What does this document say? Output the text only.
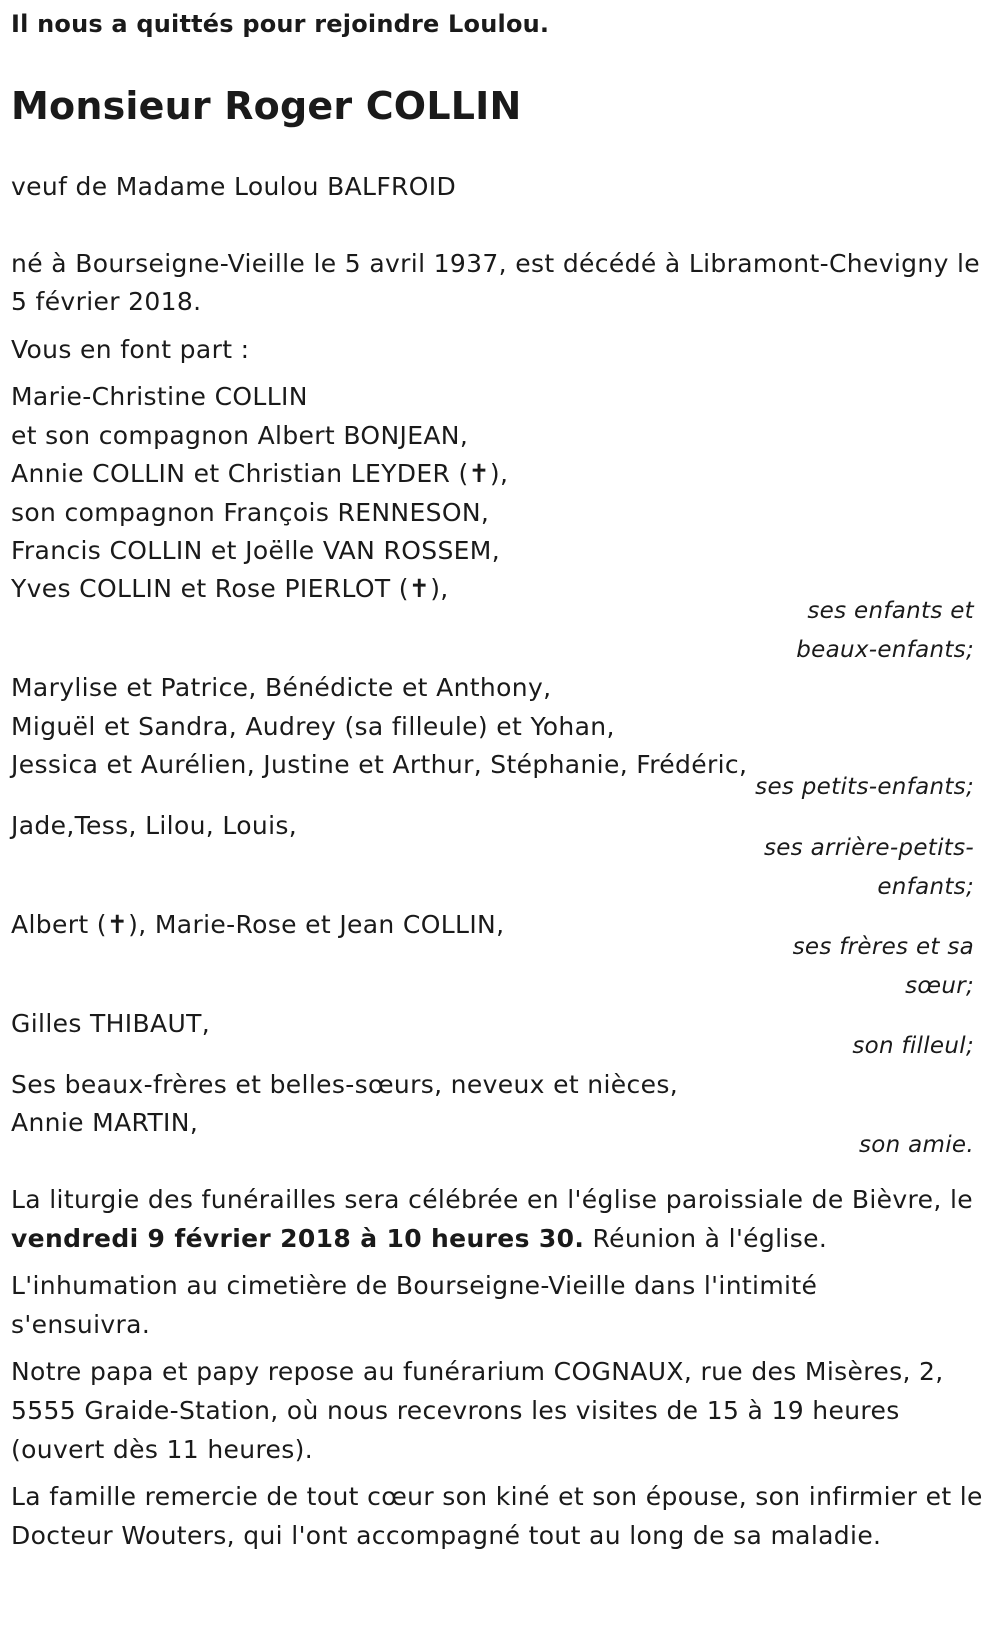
Il nous a quittés pour rejoindre Loulou.
Monsieur Roger COLLIN
veuf de Madame Loulou BALFROID
né à Bourseigne-Vieille le 5 avril 1937, est décédé à Libramont-Chevigny le
5 février 2018.
Vous en font part :
Marie-Christine COLLIN
et son compagnon Albert BONJEAN,
Annie COLLIN et Christian LEYDER (✝),
son compagnon François RENNESON,
Francis COLLIN et Joëlle VAN ROSSEM,
Yves COLLIN et Rose PIERLOT (✝),
ses enfants et beaux-enfants;
Marylise et Patrice, Bénédicte et Anthony,
Miguël et Sandra, Audrey (sa filleule) et Yohan,
Jessica et Aurélien, Justine et Arthur, Stéphanie, Frédéric,
ses petits-enfants;
Jade,Tess, Lilou, Louis,
ses arrière-petits-enfants;
Albert (✝), Marie-Rose et Jean COLLIN,
ses frères et sa sœur;
Gilles THIBAUT,
son filleul;
Ses beaux-frères et belles-sœurs, neveux et nièces,
Annie MARTIN,
son amie.
La liturgie des funérailles sera célébrée en l'église paroissiale de Bièvre, le vendredi 9 février 2018 à 10 heures 30. Réunion à l'église.
L'inhumation au cimetière de Bourseigne-Vieille dans l'intimité s'ensuivra.
Notre papa et papy repose au funérarium COGNAUX, rue des Misères, 2, 5555 Graide-Station, où nous recevrons les visites de 15 à 19 heures (ouvert dès 11 heures).
La famille remercie de tout cœur son kiné et son épouse, son infirmier et le Docteur Wouters, qui l'ont accompagné tout au long de sa maladie.
